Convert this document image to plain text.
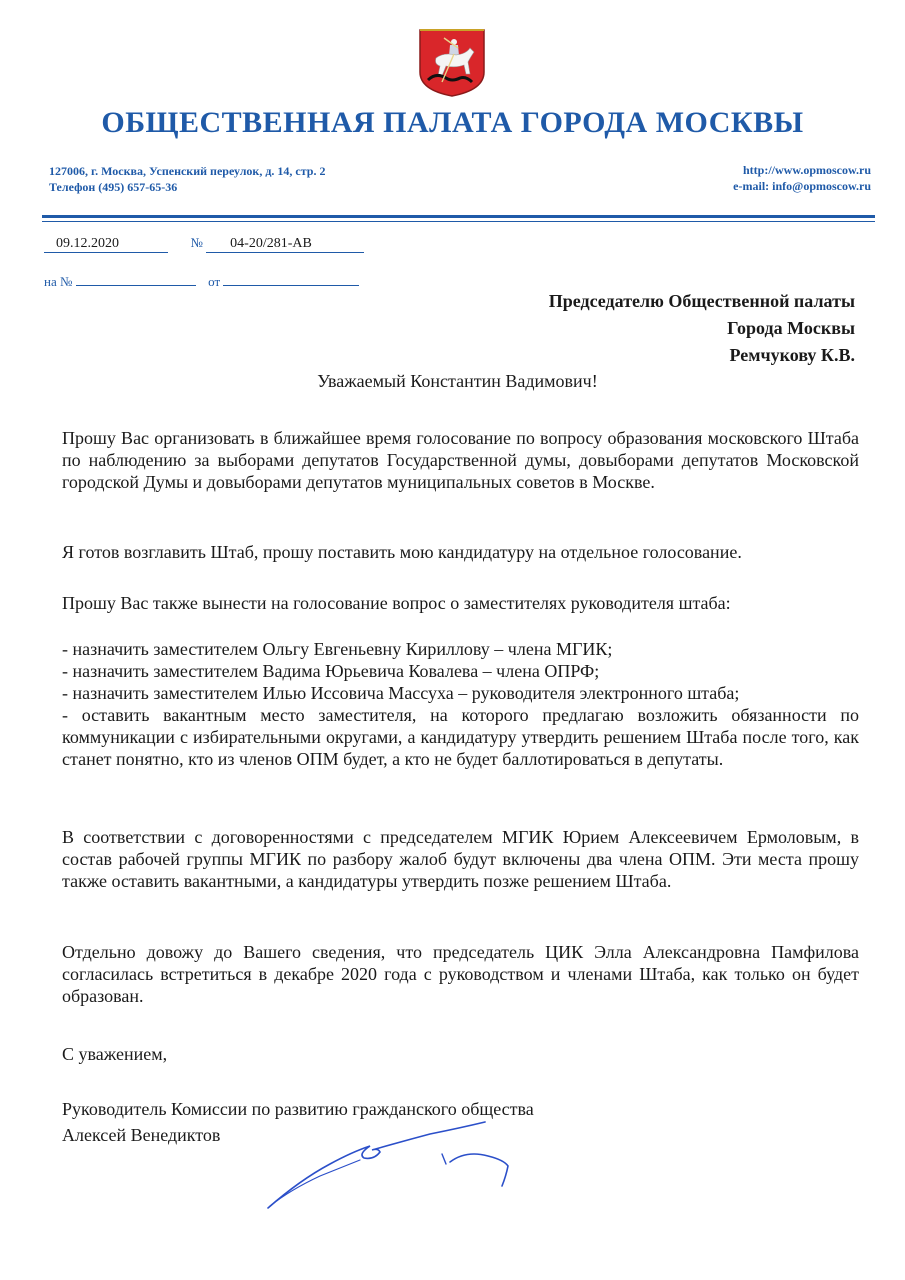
ОБЩЕСТВЕННАЯ ПАЛАТА ГОРОДА МОСКВЫ
127006, г. Москва, Успенский переулок, д. 14, стр. 2
Телефон (495) 657-65-36
http://www.opmoscow.ru
e-mail: info@opmoscow.ru
09.12.2020	№ 04-20/281-АВ
на №	от
Председателю Общественной палаты
Города Москвы
Ремчукову К.В.
Уважаемый Константин Вадимович!
Прошу Вас организовать в ближайшее время голосование по вопросу образования московского Штаба по наблюдению за выборами депутатов Государственной думы, довыборами депутатов Московской городской Думы и довыборами депутатов муниципальных советов в Москве.
Я готов возглавить Штаб, прошу поставить мою кандидатуру на отдельное голосование.
Прошу Вас также вынести на голосование вопрос о заместителях руководителя штаба:
- назначить заместителем Ольгу Евгеньевну Кириллову – члена МГИК;
- назначить заместителем Вадима Юрьевича Ковалева – члена ОПРФ;
- назначить заместителем Илью Иссовича Массуха – руководителя электронного штаба;
- оставить вакантным место заместителя, на которого предлагаю возложить обязанности по коммуникации с избирательными округами, а кандидатуру утвердить решением Штаба после того, как станет понятно, кто из членов ОПМ будет, а кто не будет баллотироваться в депутаты.
В соответствии с договоренностями с председателем МГИК Юрием Алексеевичем Ермоловым, в состав рабочей группы МГИК по разбору жалоб будут включены два члена ОПМ. Эти места прошу также оставить вакантными, а кандидатуры утвердить позже решением Штаба.
Отдельно довожу до Вашего сведения, что председатель ЦИК Элла Александровна Памфилова согласилась встретиться в декабре 2020 года с руководством и членами Штаба, как только он будет образован.
С уважением,
Руководитель Комиссии по развитию гражданского общества
Алексей Венедиктов
